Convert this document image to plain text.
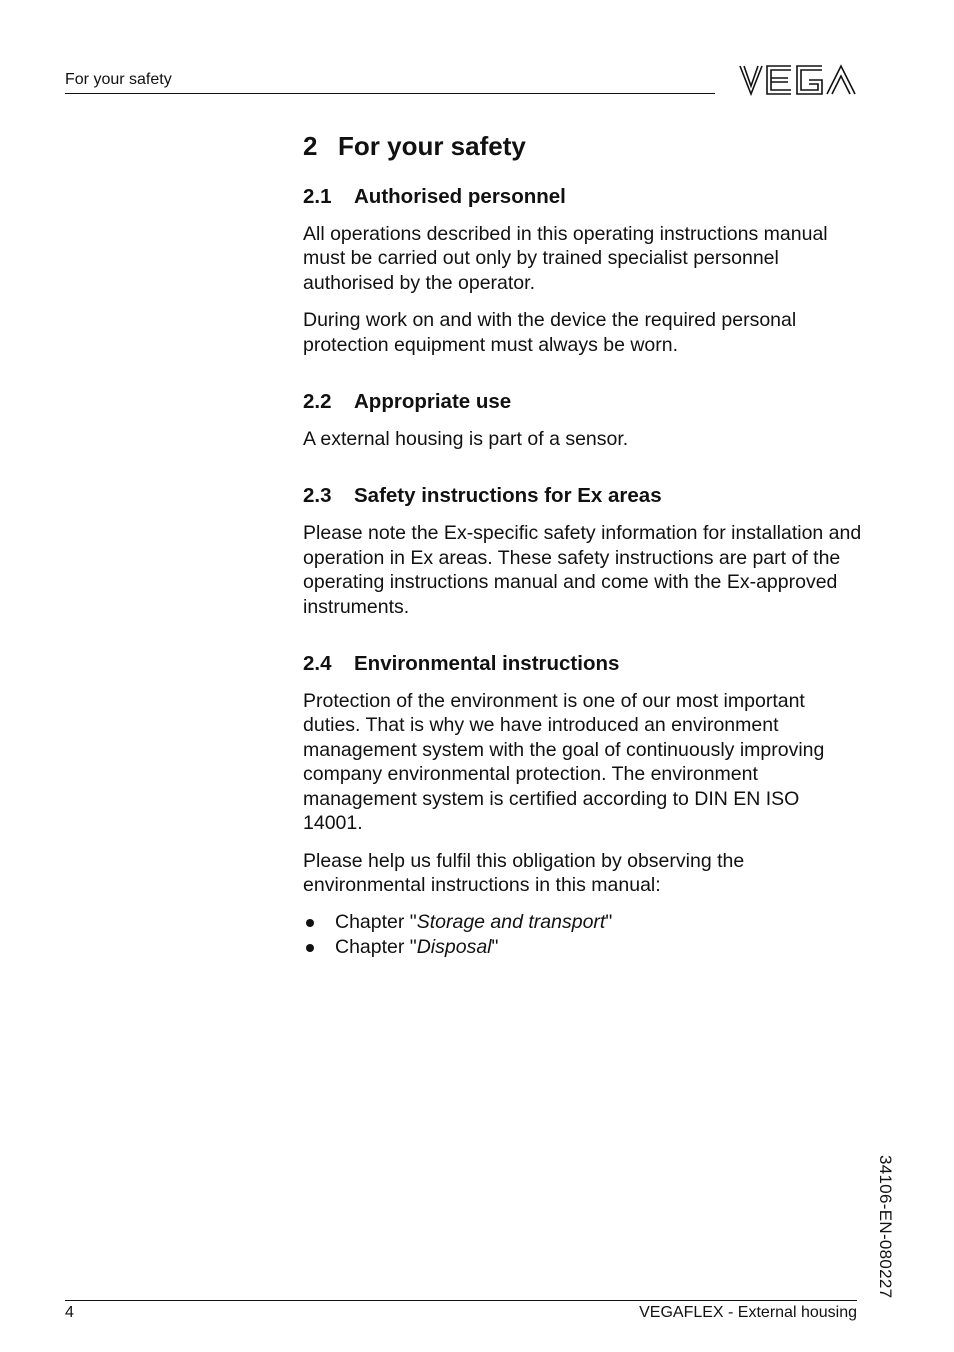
For your safety
2 For your safety
2.1 Authorised personnel

All operations described in this operating instructions manual must be carried out only by trained specialist personnel authorised by the operator.

During work on and with the device the required personal protection equipment must always be worn.

2.2 Appropriate use

A external housing is part of a sensor.

2.3 Safety instructions for Ex areas

Please note the Ex-specific safety information for installation and operation in Ex areas. These safety instructions are part of the operating instructions manual and come with the Ex-approved instruments.

2.4 Environmental instructions

Protection of the environment is one of our most important duties. That is why we have introduced an environment management system with the goal of continuously improving company environmental protection. The environment management system is certified according to DIN EN ISO 14001.

Please help us fulfil this obligation by observing the environmental instructions in this manual:

Chapter "Storage and transport"
Chapter "Disposal"
34106-EN-080227
4	VEGAFLEX - External housing
